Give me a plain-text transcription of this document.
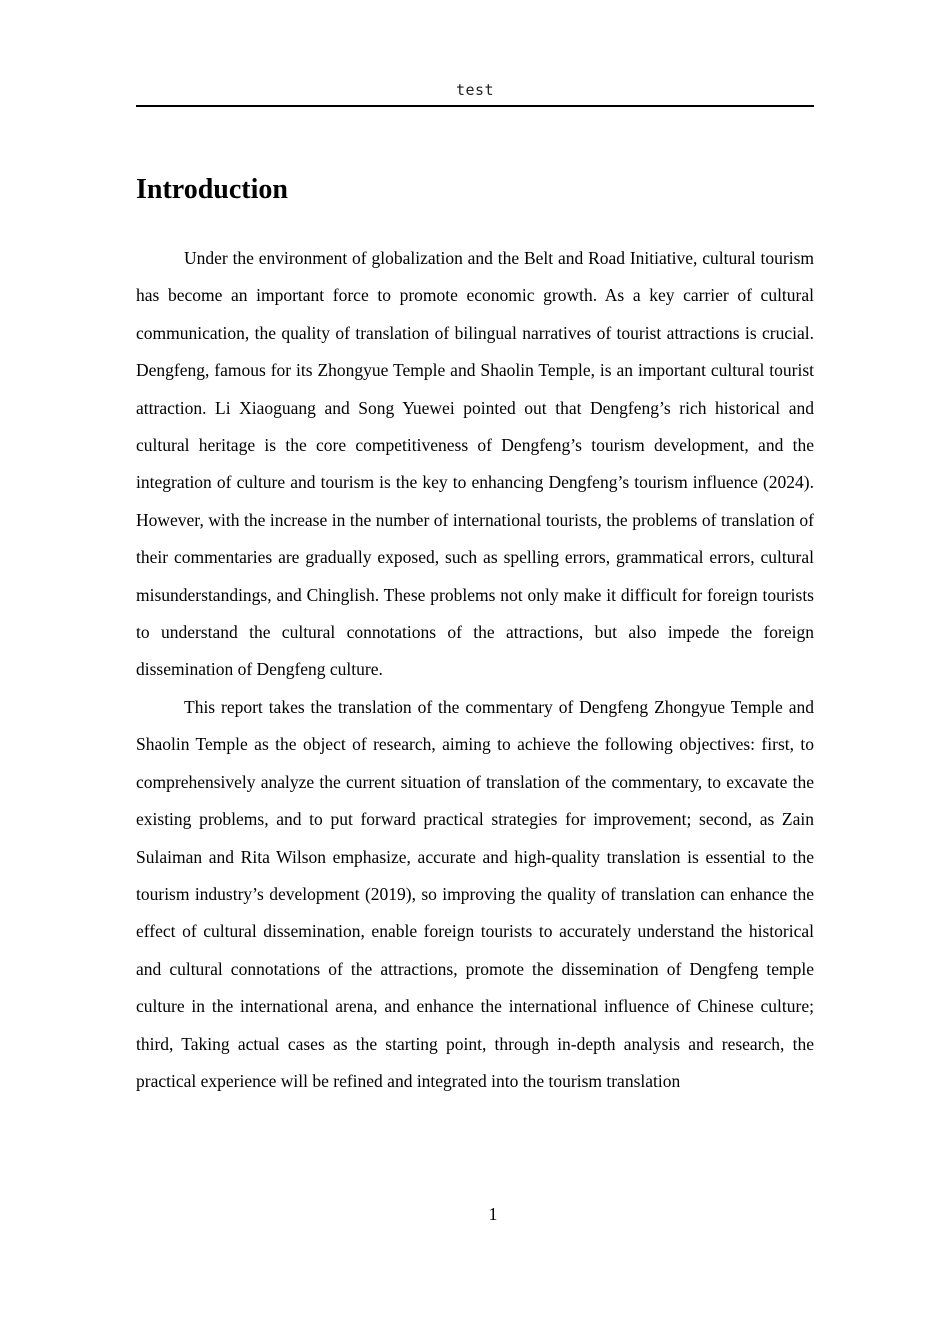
test
Introduction

Under the environment of globalization and the Belt and Road Initiative, cultural tourism has become an important force to promote economic growth. As a key carrier of cultural communication, the quality of translation of bilingual narratives of tourist attractions is crucial. Dengfeng, famous for its Zhongyue Temple and Shaolin Temple, is an important cultural tourist attraction. Li Xiaoguang and Song Yuewei pointed out that Dengfeng’s rich historical and cultural heritage is the core competitiveness of Dengfeng’s tourism development, and the integration of culture and tourism is the key to enhancing Dengfeng’s tourism influence (2024). However, with the increase in the number of international tourists, the problems of translation of their commentaries are gradually exposed, such as spelling errors, grammatical errors, cultural misunderstandings, and Chinglish. These problems not only make it difficult for foreign tourists to understand the cultural connotations of the attractions, but also impede the foreign dissemination of Dengfeng culture.

This report takes the translation of the commentary of Dengfeng Zhongyue Temple and Shaolin Temple as the object of research, aiming to achieve the following objectives: first, to comprehensively analyze the current situation of translation of the commentary, to excavate the existing problems, and to put forward practical strategies for improvement; second, as Zain Sulaiman and Rita Wilson emphasize, accurate and high-quality translation is essential to the tourism industry’s development (2019), so improving the quality of translation can enhance the effect of cultural dissemination, enable foreign tourists to accurately understand the historical and cultural connotations of the attractions, promote the dissemination of Dengfeng temple culture in the international arena, and enhance the international influence of Chinese culture; third, Taking actual cases as the starting point, through in-depth analysis and research, the practical experience will be refined and integrated into the tourism translation

1
